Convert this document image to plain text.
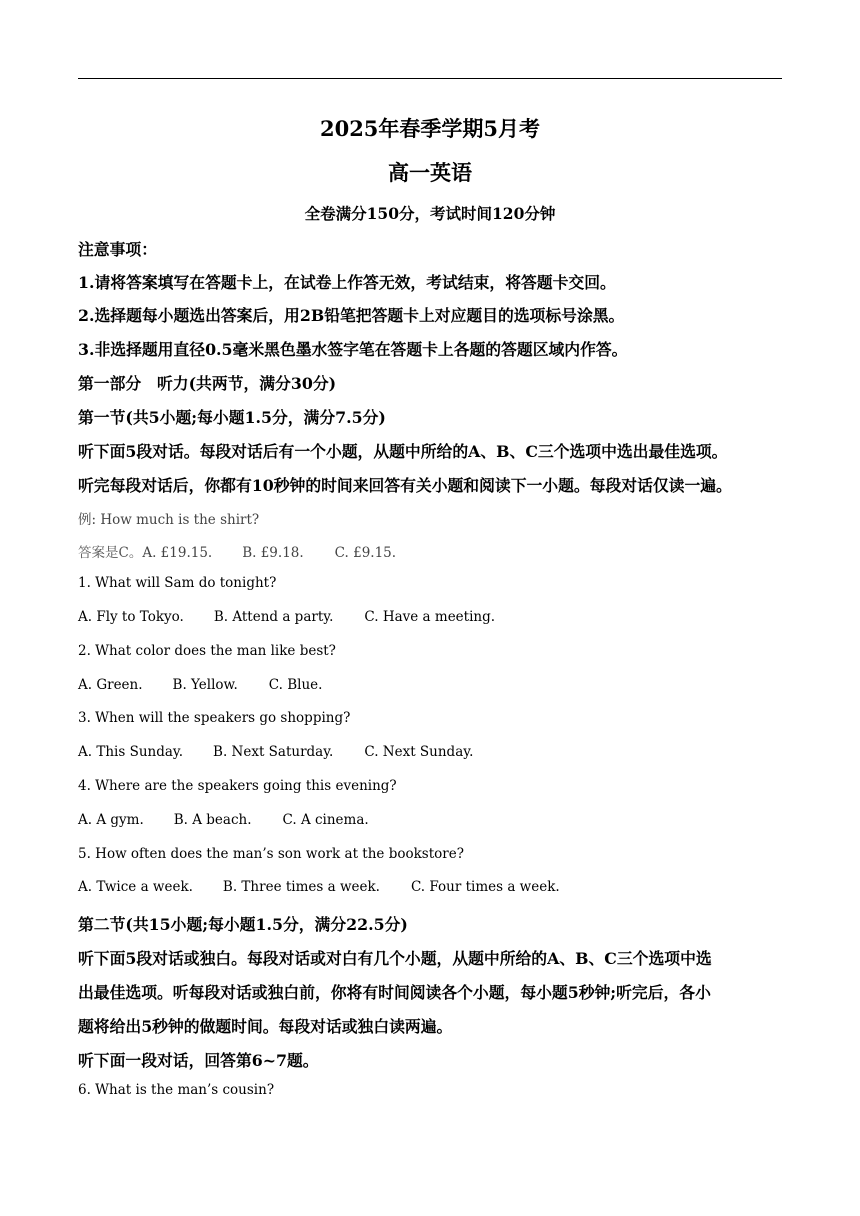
2025年春季学期5月考
高一英语
全卷满分150分，考试时间120分钟
注意事项：
1.请将答案填写在答题卡上，在试卷上作答无效，考试结束，将答题卡交回。
2.选择题每小题选出答案后，用2B铅笔把答题卡上对应题目的选项标号涂黑。
3.非选择题用直径0.5毫米黑色墨水签字笔在答题卡上各题的答题区域内作答。
第一部分　听力(共两节，满分30分)
第一节(共5小题;每小题1.5分，满分7.5分)
听下面5段对话。每段对话后有一个小题，从题中所给的A、B、C三个选项中选出最佳选项。
听完每段对话后，你都有10秒钟的时间来回答有关小题和阅读下一小题。每段对话仅读一遍。
例: How much is the shirt?
答案是C。A. £19.15. B. £9.18. C. £9.15.
1. What will Sam do tonight?
A. Fly to Tokyo. B. Attend a party. C. Have a meeting.
2. What color does the man like best?
A. Green. B. Yellow. C. Blue.
3. When will the speakers go shopping?
A. This Sunday. B. Next Saturday. C. Next Sunday.
4. Where are the speakers going this evening?
A. A gym. B. A beach. C. A cinema.
5. How often does the man’s son work at the bookstore?
A. Twice a week. B. Three times a week. C. Four times a week.
第二节(共15小题;每小题1.5分，满分22.5分)
听下面5段对话或独白。每段对话或对白有几个小题，从题中所给的A、B、C三个选项中选
出最佳选项。听每段对话或独白前，你将有时间阅读各个小题，每小题5秒钟;听完后，各小
题将给出5秒钟的做题时间。每段对话或独白读两遍。
听下面一段对话，回答第6~7题。
6. What is the man’s cousin?
